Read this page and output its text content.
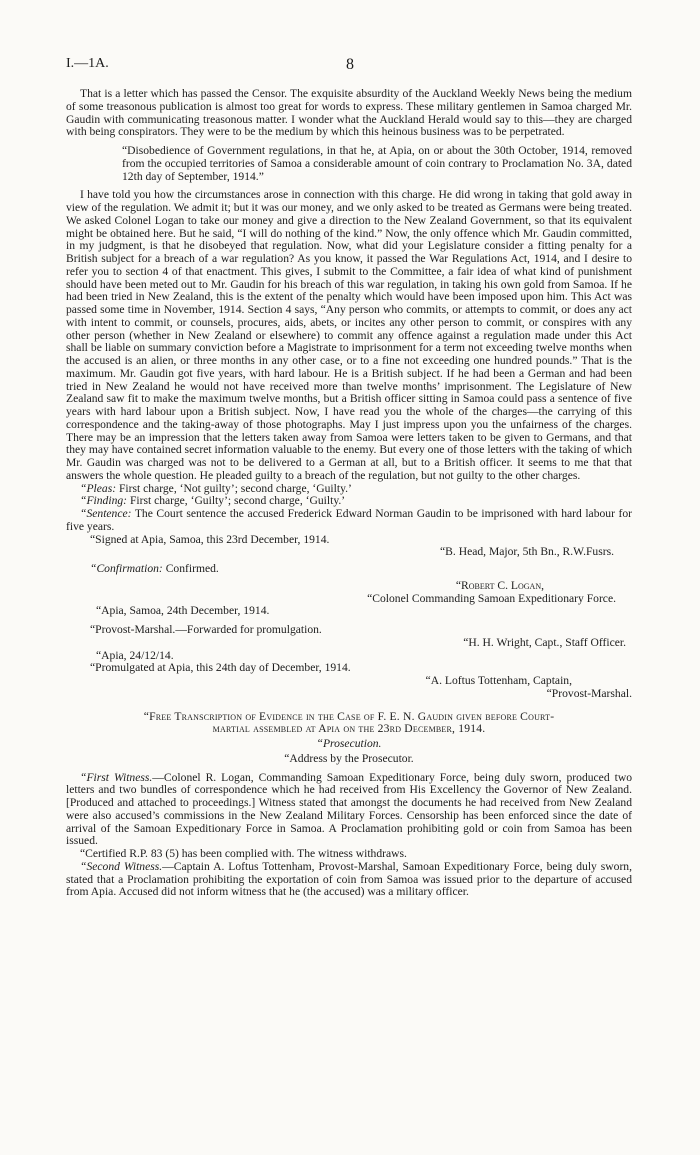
I.—1A.	8

That is a letter which has passed the Censor. The exquisite absurdity of the Auckland Weekly News being the medium of some treasonous publication is almost too great for words to express. These military gentlemen in Samoa charged Mr. Gaudin with communicating treasonous matter. I wonder what the Auckland Herald would say to this—they are charged with being conspirators. They were to be the medium by which this heinous business was to be perpetrated.

“Disobedience of Government regulations, in that he, at Apia, on or about the 30th October, 1914, removed from the occupied territories of Samoa a considerable amount of coin contrary to Proclamation No. 3A, dated 12th day of September, 1914.”

I have told you how the circumstances arose in connection with this charge. He did wrong in taking that gold away in view of the regulation. We admit it; but it was our money, and we only asked to be treated as Germans were being treated. We asked Colonel Logan to take our money and give a direction to the New Zealand Government, so that its equivalent might be obtained here. But he said, “I will do nothing of the kind.” Now, the only offence which Mr. Gaudin committed, in my judgment, is that he disobeyed that regulation. Now, what did your Legislature consider a fitting penalty for a British subject for a breach of a war regulation? As you know, it passed the War Regulations Act, 1914, and I desire to refer you to section 4 of that enactment. This gives, I submit to the Committee, a fair idea of what kind of punishment should have been meted out to Mr. Gaudin for his breach of this war regulation, in taking his own gold from Samoa. If he had been tried in New Zealand, this is the extent of the penalty which would have been imposed upon him. This Act was passed some time in November, 1914. Section 4 says, “Any person who commits, or attempts to commit, or does any act with intent to commit, or counsels, procures, aids, abets, or incites any other person to commit, or conspires with any other person (whether in New Zealand or elsewhere) to commit any offence against a regulation made under this Act shall be liable on summary conviction before a Magistrate to imprisonment for a term not exceeding twelve months when the accused is an alien, or three months in any other case, or to a fine not exceeding one hundred pounds.” That is the maximum. Mr. Gaudin got five years, with hard labour. He is a British subject. If he had been a German and had been tried in New Zealand he would not have received more than twelve months’ imprisonment. The Legislature of New Zealand saw fit to make the maximum twelve months, but a British officer sitting in Samoa could pass a sentence of five years with hard labour upon a British subject. Now, I have read you the whole of the charges—the carrying of this correspondence and the taking-away of those photographs. May I just impress upon you the unfairness of the charges. There may be an impression that the letters taken away from Samoa were letters taken to be given to Germans, and that they may have contained secret information valuable to the enemy. But every one of those letters with the taking of which Mr. Gaudin was charged was not to be delivered to a German at all, but to a British officer. It seems to me that that answers the whole question. He pleaded guilty to a breach of the regulation, but not guilty to the other charges.

“Pleas: First charge, ‘Not guilty’; second charge, ‘Guilty.’

“Finding: First charge, ‘Guilty’; second charge, ‘Guilty.’

“Sentence: The Court sentence the accused Frederick Edward Norman Gaudin to be imprisoned with hard labour for five years.

“Signed at Apia, Samoa, this 23rd December, 1914.

“B. Head, Major, 5th Bn., R.W.Fusrs.

“Confirmation: Confirmed.

“Robert C. Logan,

“Colonel Commanding Samoan Expeditionary Force.

“Apia, Samoa, 24th December, 1914.

“Provost-Marshal.—Forwarded for promulgation.

“H. H. Wright, Capt., Staff Officer.

“Apia, 24/12/14.

“Promulgated at Apia, this 24th day of December, 1914.

“A. Loftus Tottenham, Captain,

“Provost-Marshal.

“Free Transcription of Evidence in the Case of F. E. N. Gaudin given before Court-

martial assembled at Apia on the 23rd December, 1914.

“Prosecution.

“Address by the Prosecutor.

“First Witness.—Colonel R. Logan, Commanding Samoan Expeditionary Force, being duly sworn, produced two letters and two bundles of correspondence which he had received from His Excellency the Governor of New Zealand. [Produced and attached to proceedings.] Witness stated that amongst the documents he had received from New Zealand were also accused’s commissions in the New Zealand Military Forces. Censorship has been enforced since the date of arrival of the Samoan Expeditionary Force in Samoa. A Proclamation prohibiting gold or coin from Samoa has been issued.

“Certified R.P. 83 (5) has been complied with. The witness withdraws.

“Second Witness.—Captain A. Loftus Tottenham, Provost-Marshal, Samoan Expeditionary Force, being duly sworn, stated that a Proclamation prohibiting the exportation of coin from Samoa was issued prior to the departure of accused from Apia. Accused did not inform witness that he (the accused) was a military officer.
